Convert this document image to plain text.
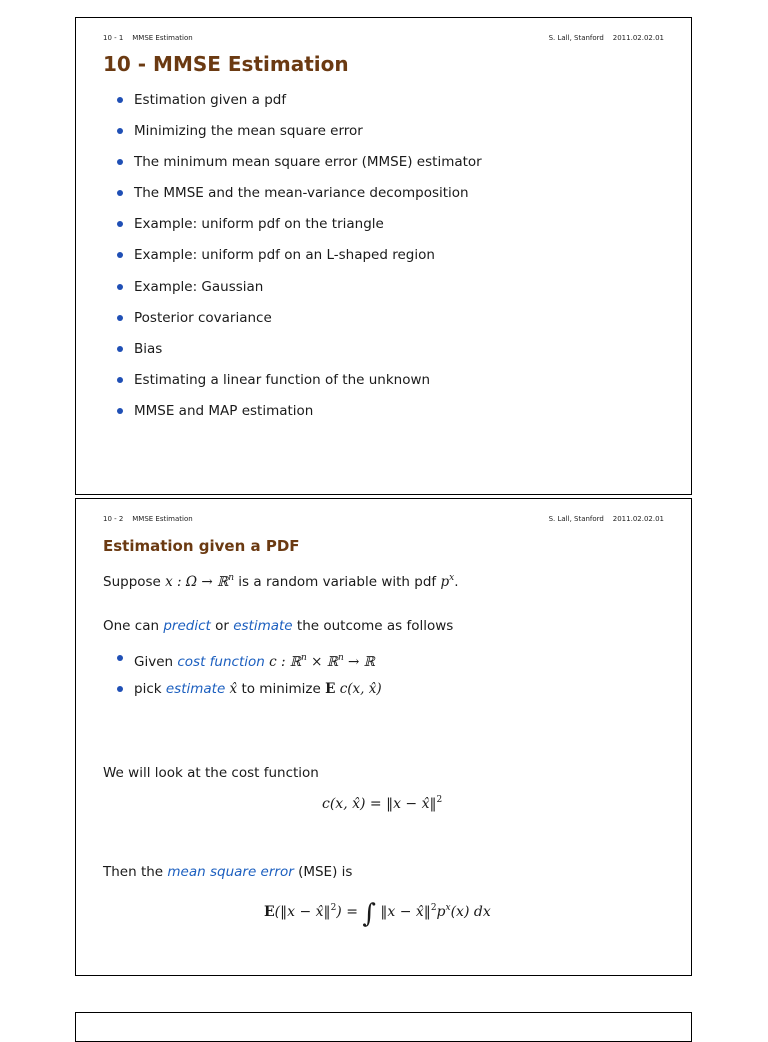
10 - 1    MMSE Estimation	S. Lall, Stanford    2011.02.02.01
10 - MMSE Estimation
Estimation given a pdf
Minimizing the mean square error
The minimum mean square error (MMSE) estimator
The MMSE and the mean-variance decomposition
Example: uniform pdf on the triangle
Example: uniform pdf on an L-shaped region
Example: Gaussian
Posterior covariance
Bias
Estimating a linear function of the unknown
MMSE and MAP estimation
10 - 2    MMSE Estimation	S. Lall, Stanford    2011.02.02.01
Estimation given a PDF
Suppose x : Ω → ℝ$^n$ is a random variable with pdf $p^x$.
One can predict or estimate the outcome as follows
Given cost function c : ℝ$^n$ × ℝ$^n$ → ℝ
pick estimate x̂ to minimize E c(x, x̂)
We will look at the cost function
c(x, x̂) = ‖x − x̂‖$^2$
Then the mean square error (MSE) is
E(‖x − x̂‖$^2$) = ∫ ‖x − $x̂‖^2p^x(x)$ dx
